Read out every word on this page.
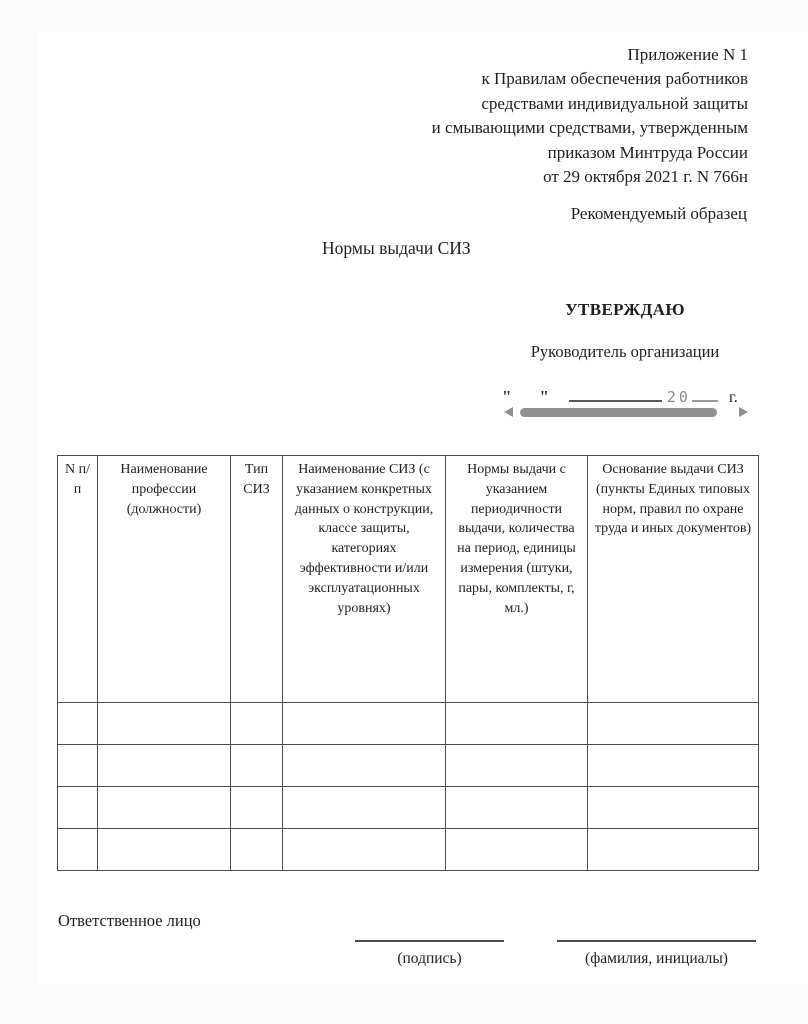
Приложение N 1
к Правилам обеспечения работников
средствами индивидуальной защиты
и смывающими средствами, утвержденным
приказом Минтруда России
от 29 октября 2021 г. N 766н
Рекомендуемый образец
Нормы выдачи СИЗ
УТВЕРЖДАЮ
Руководитель организации
" "	20 г.
N п/п	Наименование профессии (должности)	Тип СИЗ	Наименование СИЗ (с указанием конкретных данных о конструкции, классе защиты, категориях эффективности и/или эксплуатационных уровнях)	Нормы выдачи с указанием периодичности выдачи, количества на период, единицы измерения (штуки, пары, комплекты, г, мл.)	Основание выдачи СИЗ (пункты Единых типовых норм, правил по охране труда и иных документов)

Ответственное лицо
(подпись)	(фамилия, инициалы)
